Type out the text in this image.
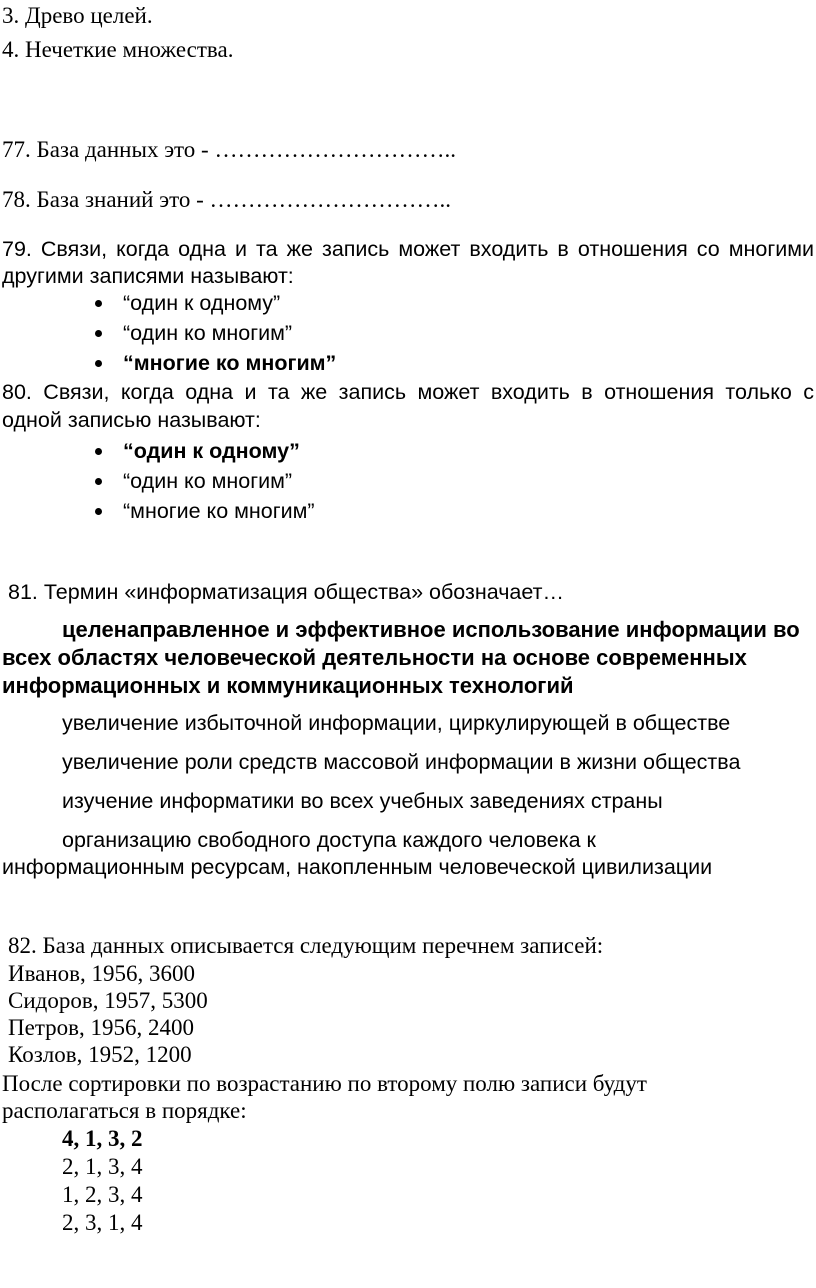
3. Древо целей.
4. Нечеткие множества.
77. База данных это - …………………………..
78. База знаний это - …………………………..
79. Связи, когда одна и та же запись может входить в отношения со многими
другими записями называют:
“один к одному”
“один ко многим”
“многие ко многим”
80. Связи, когда одна и та же запись может входить в отношения только с
одной записью называют:
“один к одному”
“один ко многим”
“многие ко многим”
81. Термин «информатизация общества» обозначает…
целенаправленное и эффективное использование информации во
всех областях человеческой деятельности на основе современных
информационных и коммуникационных технологий
увеличение избыточной информации, циркулирующей в обществе
увеличение роли средств массовой информации в жизни общества
изучение информатики во всех учебных заведениях страны
организацию свободного доступа каждого человека к
информационным ресурсам, накопленным человеческой цивилизации
82. База данных описывается следующим перечнем записей:
Иванов, 1956, 3600
Сидоров, 1957, 5300
Петров, 1956, 2400
Козлов, 1952, 1200
После сортировки по возрастанию по второму полю записи будут
располагаться в порядке:
4, 1, 3, 2
2, 1, 3, 4
1, 2, 3, 4
2, 3, 1, 4
